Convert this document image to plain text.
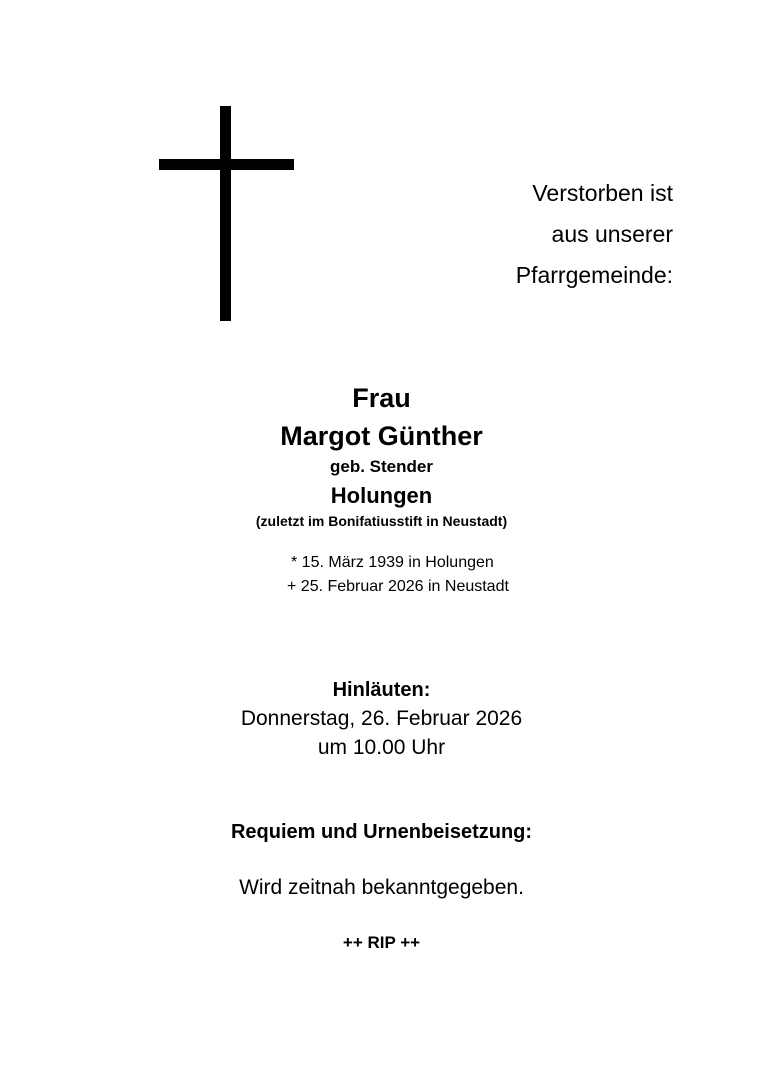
Verstorben ist
aus unserer
Pfarrgemeinde:
Frau
Margot Günther
geb. Stender
Holungen
(zuletzt im Bonifatiusstift in Neustadt)
* 15. März 1939 in Holungen
+ 25. Februar 2026 in Neustadt
Hinläuten:
Donnerstag, 26. Februar 2026
um 10.00 Uhr
Requiem und Urnenbeisetzung:
Wird zeitnah bekanntgegeben.
++ RIP ++
